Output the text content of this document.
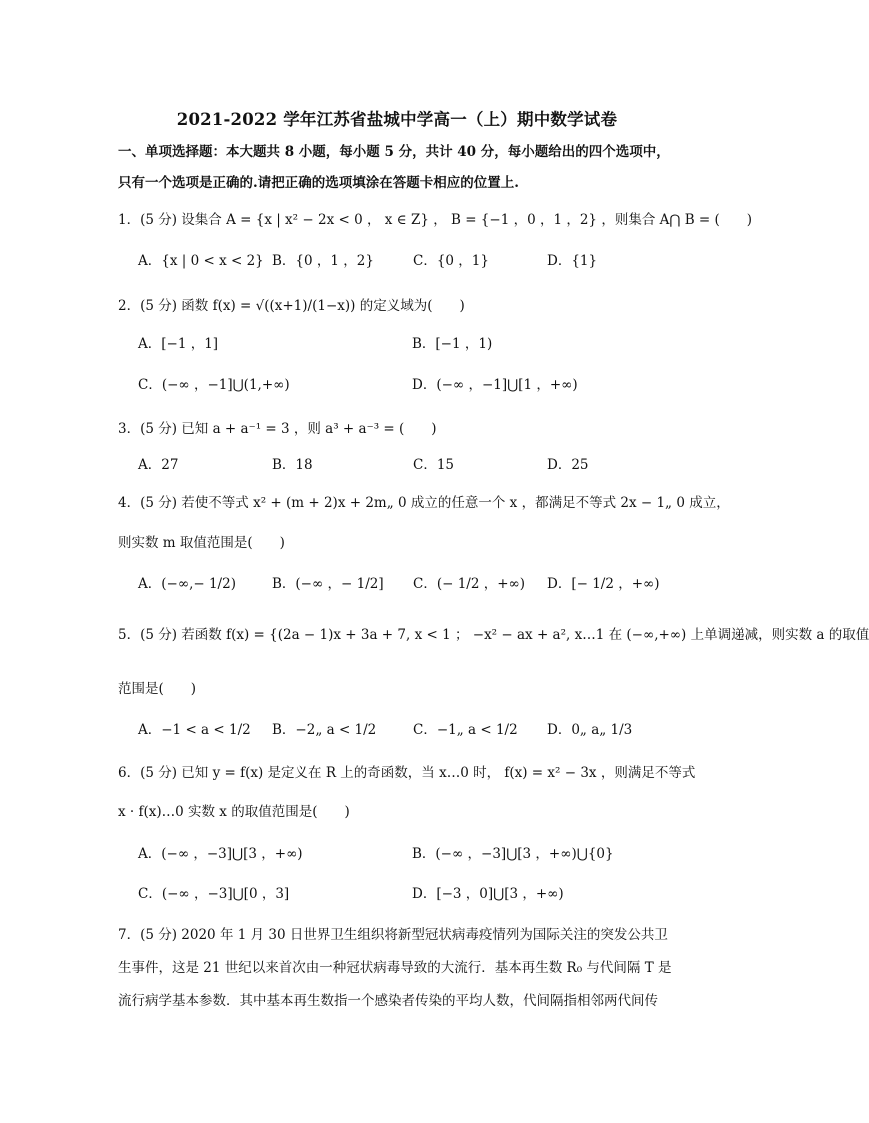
2021-2022 学年江苏省盐城中学高一（上）期中数学试卷
一、单项选择题：本大题共 8 小题，每小题 5 分，共计 40 分，每小题给出的四个选项中，
只有一个选项是正确的.请把正确的选项填涂在答题卡相应的位置上.
1．(5 分) 设集合 A = {x | x² − 2x < 0 ， x ∈ Z} ， B = {−1 ，0 ，1 ，2} ，则集合 A⋂ B = (　　)
A．{x | 0 < x < 2} B．{0 ，1 ，2}	C．{0 ，1}	D．{1}
2．(5 分) 函数 f(x) = √((x+1)/(1−x)) 的定义域为(　　)
A．[−1 ，1]	B．[−1 ，1)
C．(−∞ ，−1]⋃(1,+∞)	D．(−∞ ，−1]⋃[1 ，+∞)
3．(5 分) 已知 a + a⁻¹ = 3 ，则 a³ + a⁻³ = (　　)
A．27	B．18	C．15	D．25
4．(5 分) 若使不等式 x² + (m + 2)x + 2m„ 0 成立的任意一个 x ，都满足不等式 2x − 1„ 0 成立，
则实数 m 取值范围是(　　)
A．(−∞,− 1/2)	B．(−∞ ，− 1/2] C．(− 1/2 ，+∞) D．[− 1/2 ，+∞)
5．(5 分) 若函数 f(x) = {(2a − 1)x + 3a + 7, x < 1 ； −x² − ax + a², x…1 在 (−∞,+∞) 上单调递减，则实数 a 的取值
范围是(　　)
A．−1 < a < 1/2 B．−2„ a < 1/2	C．−1„ a < 1/2 D．0„ a„ 1/3
6．(5 分) 已知 y = f(x) 是定义在 R 上的奇函数，当 x…0 时， f(x) = x² − 3x ，则满足不等式
x · f(x)…0 实数 x 的取值范围是(　　)
A．(−∞ ，−3]⋃[3 ，+∞)	B．(−∞ ，−3]⋃[3 ，+∞)⋃{0}
C．(−∞ ，−3]⋃[0 ，3]	D．[−3 ，0]⋃[3 ，+∞)
7．(5 分) 2020 年 1 月 30 日世界卫生组织将新型冠状病毒疫情列为国际关注的突发公共卫
生事件，这是 21 世纪以来首次由一种冠状病毒导致的大流行．基本再生数 R₀ 与代间隔 T 是
流行病学基本参数．其中基本再生数指一个感染者传染的平均人数，代间隔指相邻两代间传
